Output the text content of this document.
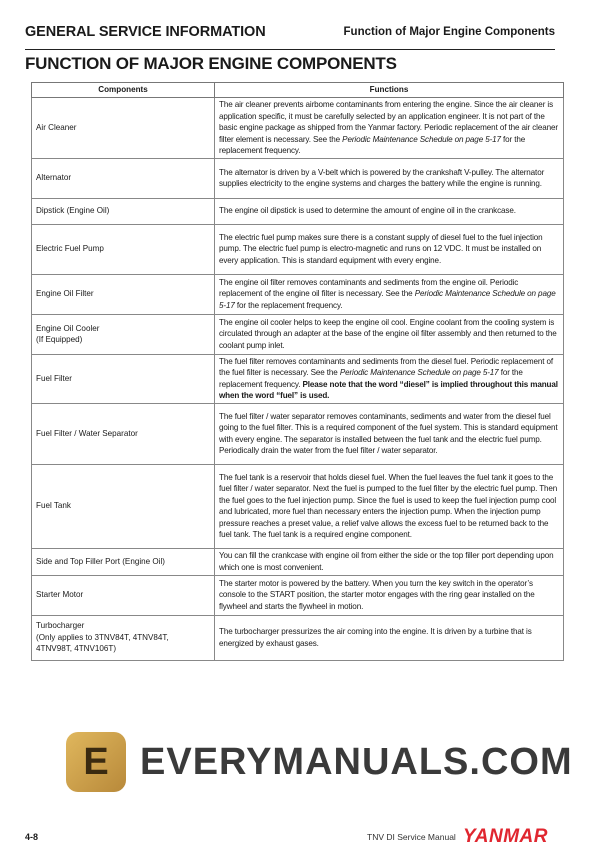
GENERAL SERVICE INFORMATION	Function of Major Engine Components
FUNCTION OF MAJOR ENGINE COMPONENTS
Components	Functions
Air Cleaner	The air cleaner prevents airbome contaminants from entering the engine. Since the air cleaner is application specific, it must be carefully selected by an application engineer. It is not part of the basic engine package as shipped from the Yanmar factory. Periodic replacement of the air cleaner filter element is necessary. See the Periodic Maintenance Schedule on page 5-17 for the replacement frequency.
Alternator	The alternator is driven by a V-belt which is powered by the crankshaft V-pulley. The alternator supplies electricity to the engine systems and charges the battery while the engine is running.
Dipstick (Engine Oil)	The engine oil dipstick is used to determine the amount of engine oil in the crankcase.
Electric Fuel Pump	The electric fuel pump makes sure there is a constant supply of diesel fuel to the fuel injection pump. The electric fuel pump is electro-magnetic and runs on 12 VDC. It must be installed on every application. This is standard equipment with every engine.
Engine Oil Filter	The engine oil filter removes contaminants and sediments from the engine oil. Periodic replacement of the engine oil filter is necessary. See the Periodic Maintenance Schedule on page 5-17 for the replacement frequency.
Engine Oil Cooler
(If Equipped)	The engine oil cooler helps to keep the engine oil cool. Engine coolant from the cooling system is circulated through an adapter at the base of the engine oil filter assembly and then returned to the coolant pump inlet.
Fuel Filter	The fuel filter removes contaminants and sediments from the diesel fuel. Periodic replacement of the fuel filter is necessary. See the Periodic Maintenance Schedule on page 5-17 for the replacement frequency. Please note that the word “diesel” is implied throughout this manual when the word “fuel” is used.
Fuel Filter / Water Separator	The fuel filter / water separator removes contaminants, sediments and water from the diesel fuel going to the fuel filter. This is a required component of the fuel system. This is standard equipment with every engine. The separator is installed between the fuel tank and the electric fuel pump. Periodically drain the water from the fuel filter / water separator.
Fuel Tank	The fuel tank is a reservoir that holds diesel fuel. When the fuel leaves the fuel tank it goes to the fuel filter / water separator. Next the fuel is pumped to the fuel filter by the electric fuel pump. Then the fuel goes to the fuel injection pump. Since the fuel is used to keep the fuel injection pump cool and lubricated, more fuel than necessary enters the injection pump. When the injection pump pressure reaches a preset value, a relief valve allows the excess fuel to be returned back to the fuel tank. The fuel tank is a required engine component.
Side and Top Filler Port (Engine Oil)	You can fill the crankcase with engine oil from either the side or the top filler port depending upon which one is most convenient.
Starter Motor	The starter motor is powered by the battery. When you turn the key switch in the operator’s console to the START position, the starter motor engages with the ring gear installed on the flywheel and starts the flywheel in motion.
Turbocharger
(Only applies to 3TNV84T, 4TNV84T,
4TNV98T, 4TNV106T)	The turbocharger pressurizes the air coming into the engine. It is driven by a turbine that is energized by exhaust gases.
E EVERYMANUALS.COM
4-8	TNV DI Service Manual YANMAR
